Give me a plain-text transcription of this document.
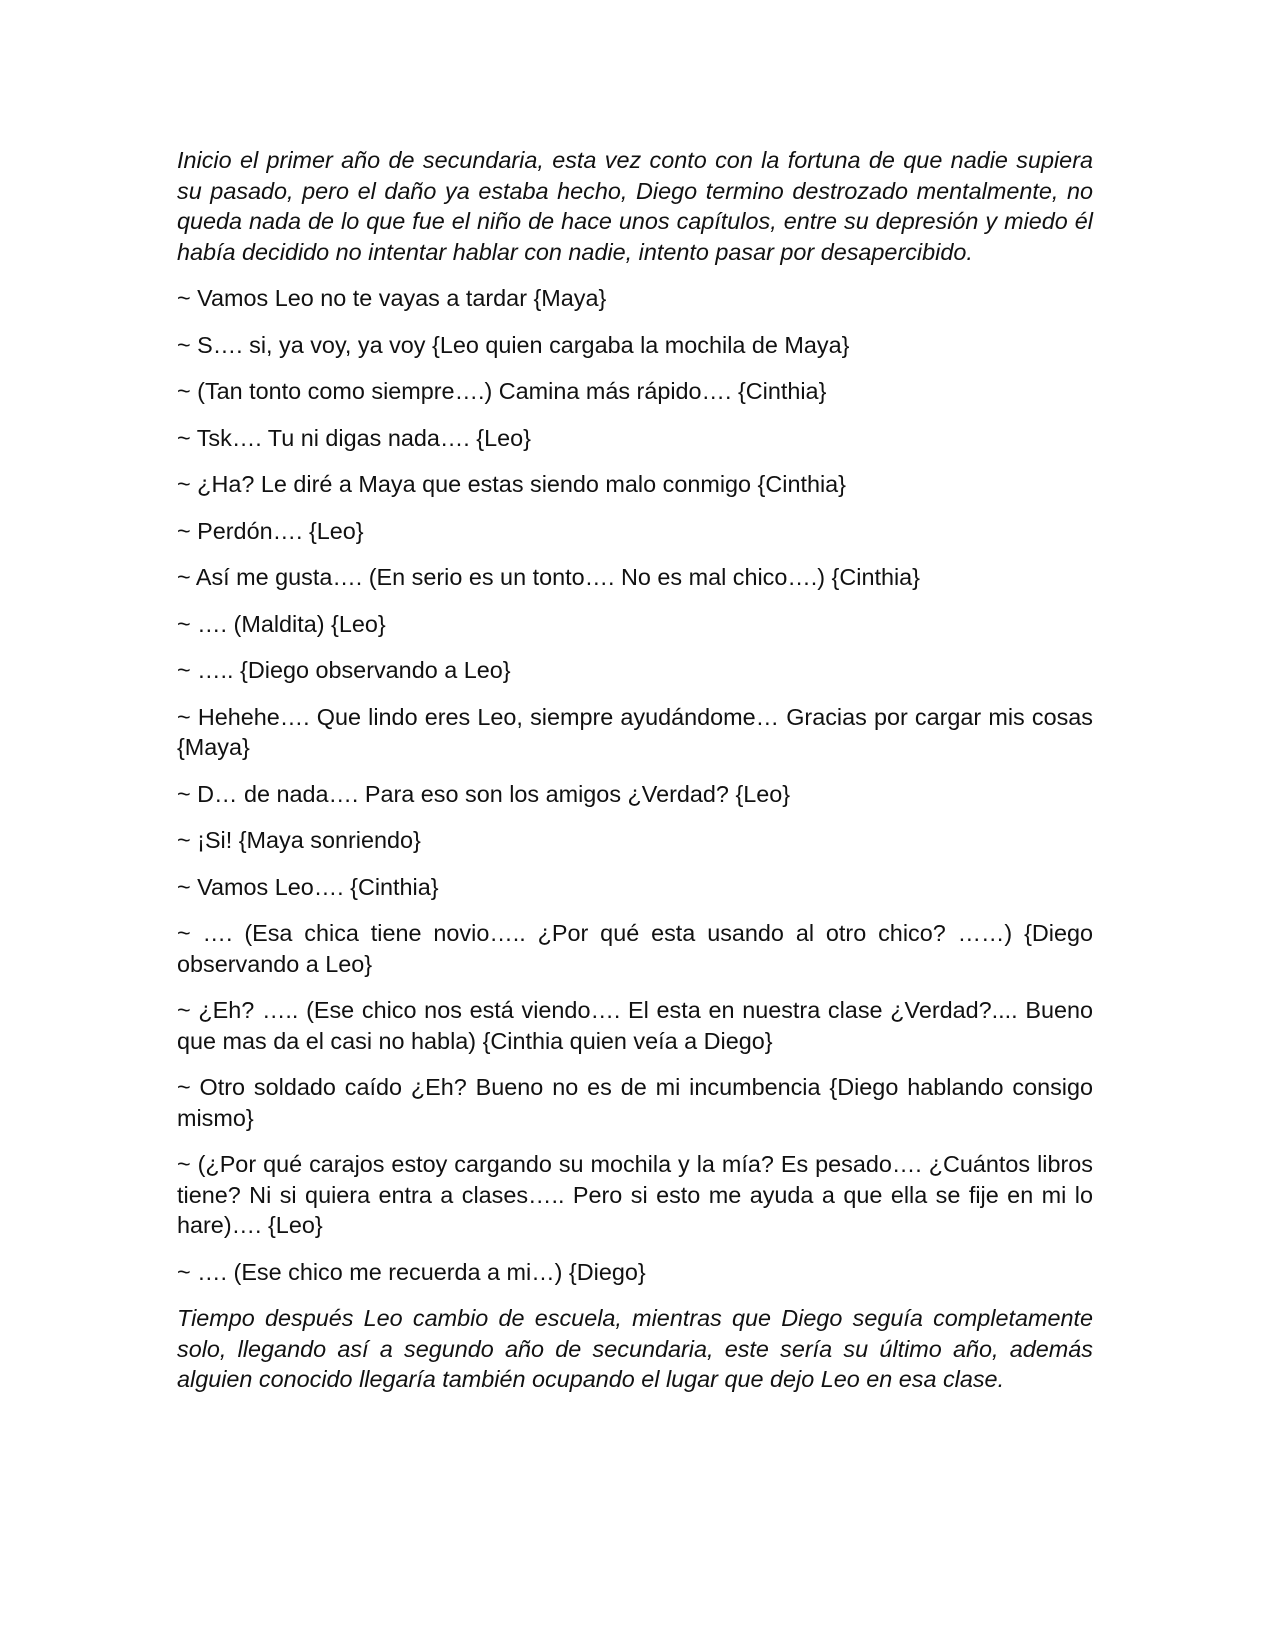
Inicio el primer año de secundaria, esta vez conto con la fortuna de que nadie supiera su pasado, pero el daño ya estaba hecho, Diego termino destrozado mentalmente, no queda nada de lo que fue el niño de hace unos capítulos, entre su depresión y miedo él había decidido no intentar hablar con nadie, intento pasar por desapercibido.

~ Vamos Leo no te vayas a tardar {Maya}

~ S…. si, ya voy, ya voy {Leo quien cargaba la mochila de Maya}

~ (Tan tonto como siempre….) Camina más rápido…. {Cinthia}

~ Tsk…. Tu ni digas nada…. {Leo}

~ ¿Ha? Le diré a Maya que estas siendo malo conmigo {Cinthia}

~ Perdón…. {Leo}

~ Así me gusta…. (En serio es un tonto…. No es mal chico….) {Cinthia}

~ …. (Maldita) {Leo}

~ ….. {Diego observando a Leo}

~ Hehehe…. Que lindo eres Leo, siempre ayudándome… Gracias por cargar mis cosas {Maya}

~ D… de nada…. Para eso son los amigos ¿Verdad? {Leo}

~ ¡Si! {Maya sonriendo}

~ Vamos Leo…. {Cinthia}

~ …. (Esa chica tiene novio….. ¿Por qué esta usando al otro chico? ……) {Diego observando a Leo}

~ ¿Eh? ….. (Ese chico nos está viendo…. El esta en nuestra clase ¿Verdad?.... Bueno que mas da el casi no habla) {Cinthia quien veía a Diego}

~ Otro soldado caído ¿Eh? Bueno no es de mi incumbencia {Diego hablando consigo mismo}

~ (¿Por qué carajos estoy cargando su mochila y la mía? Es pesado…. ¿Cuántos libros tiene? Ni si quiera entra a clases….. Pero si esto me ayuda a que ella se fije en mi lo hare)…. {Leo}

~ …. (Ese chico me recuerda a mi…) {Diego}

Tiempo después Leo cambio de escuela, mientras que Diego seguía completamente solo, llegando así a segundo año de secundaria, este sería su último año, además alguien conocido llegaría también ocupando el lugar que dejo Leo en esa clase.
